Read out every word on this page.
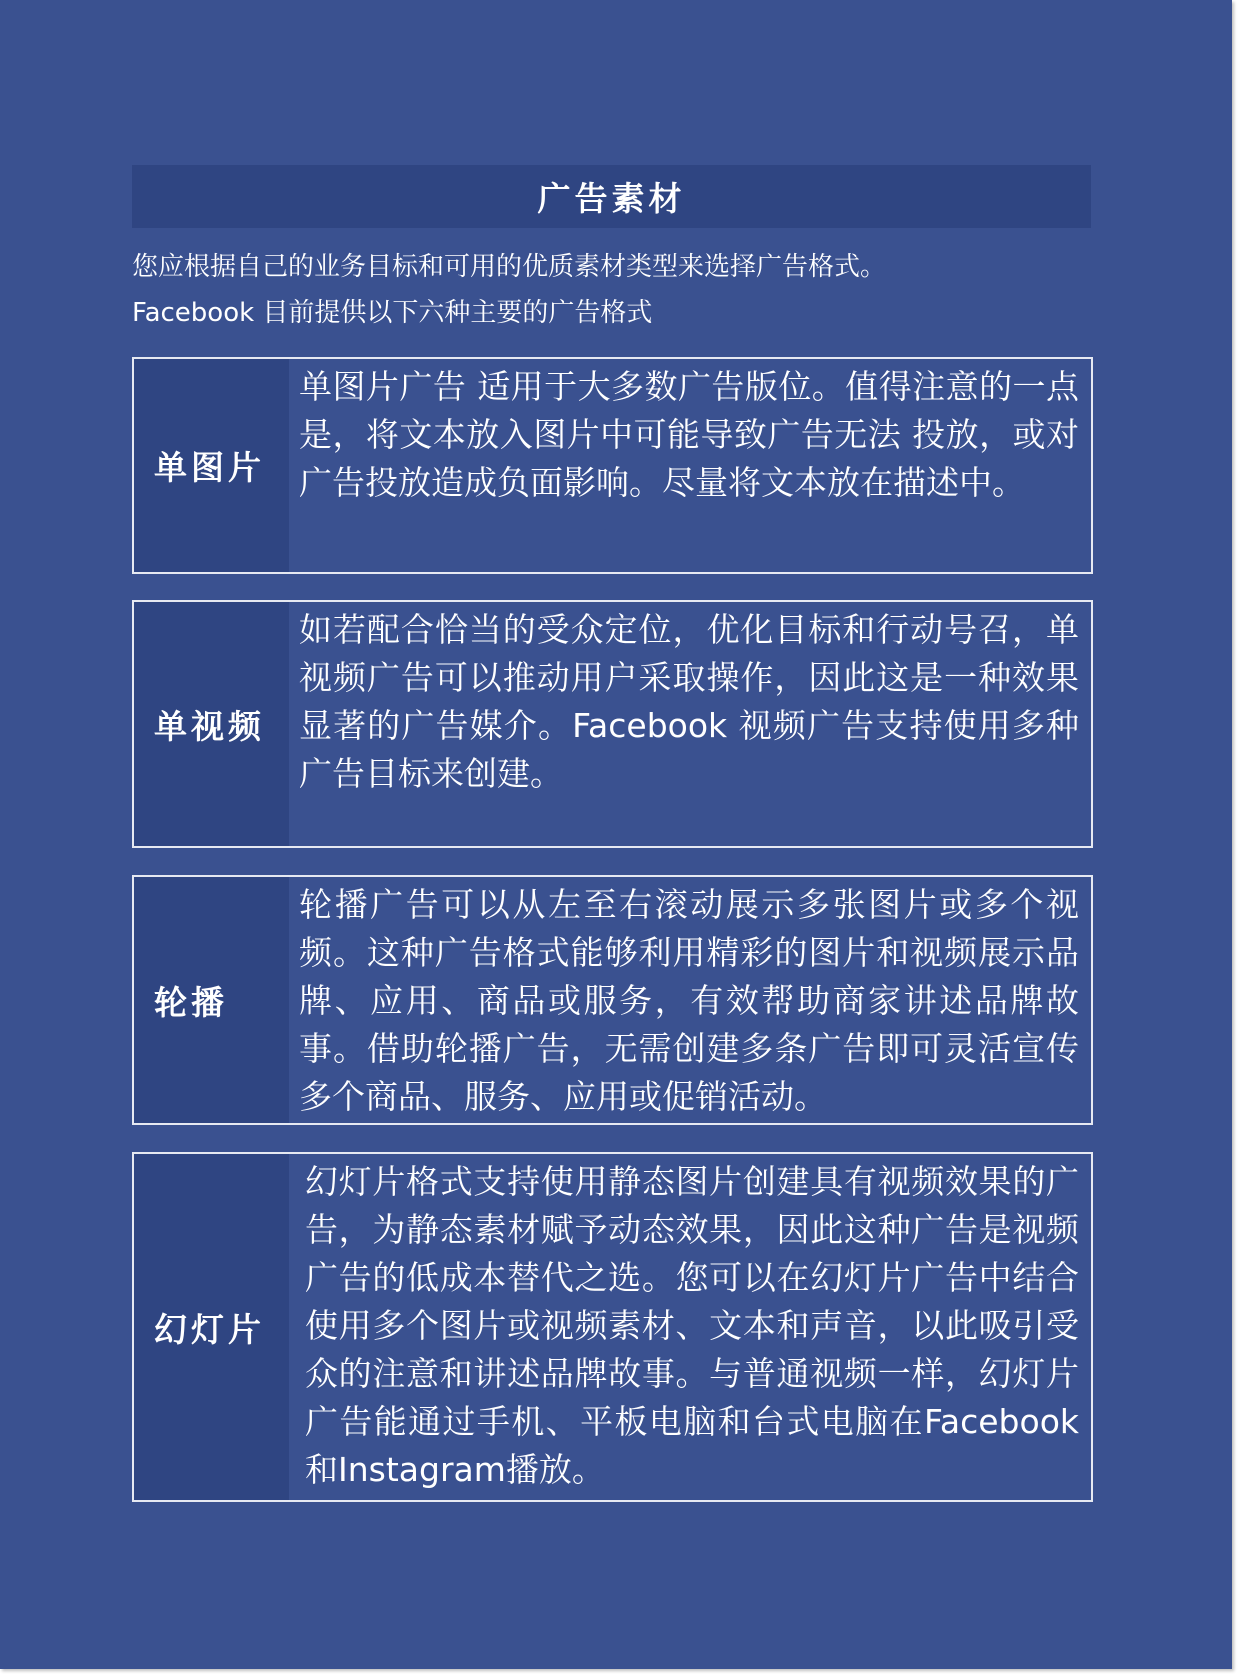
广告素材
您应根据自己的业务目标和可用的优质素材类型来选择广告格式。
Facebook 目前提供以下六种主要的广告格式
单图片
单图片广告 适用于大多数广告版位。值得注意的一点是，将文本放入图片中可能导致广告无法 投放，或对广告投放造成负面影响。尽量将文本放在描述中。
单视频
如若配合恰当的受众定位，优化目标和行动号召，单视频广告可以推动用户采取操作，因此这是一种效果显著的广告媒介。Facebook 视频广告支持使用多种广告目标来创建。
轮播
轮播广告可以从左至右滚动展示多张图片或多个视频。这种广告格式能够利用精彩的图片和视频展示品牌、应用、商品或服务，有效帮助商家讲述品牌故事。借助轮播广告，无需创建多条广告即可灵活宣传多个商品、服务、应用或促销活动。
幻灯片
幻灯片格式支持使用静态图片创建具有视频效果的广告，为静态素材赋予动态效果，因此这种广告是视频广告的低成本替代之选。您可以在幻灯片广告中结合使用多个图片或视频素材、文本和声音，以此吸引受众的注意和讲述品牌故事。与普通视频一样，幻灯片广告能通过手机、平板电脑和台式电脑在Facebook和Instagram播放。
